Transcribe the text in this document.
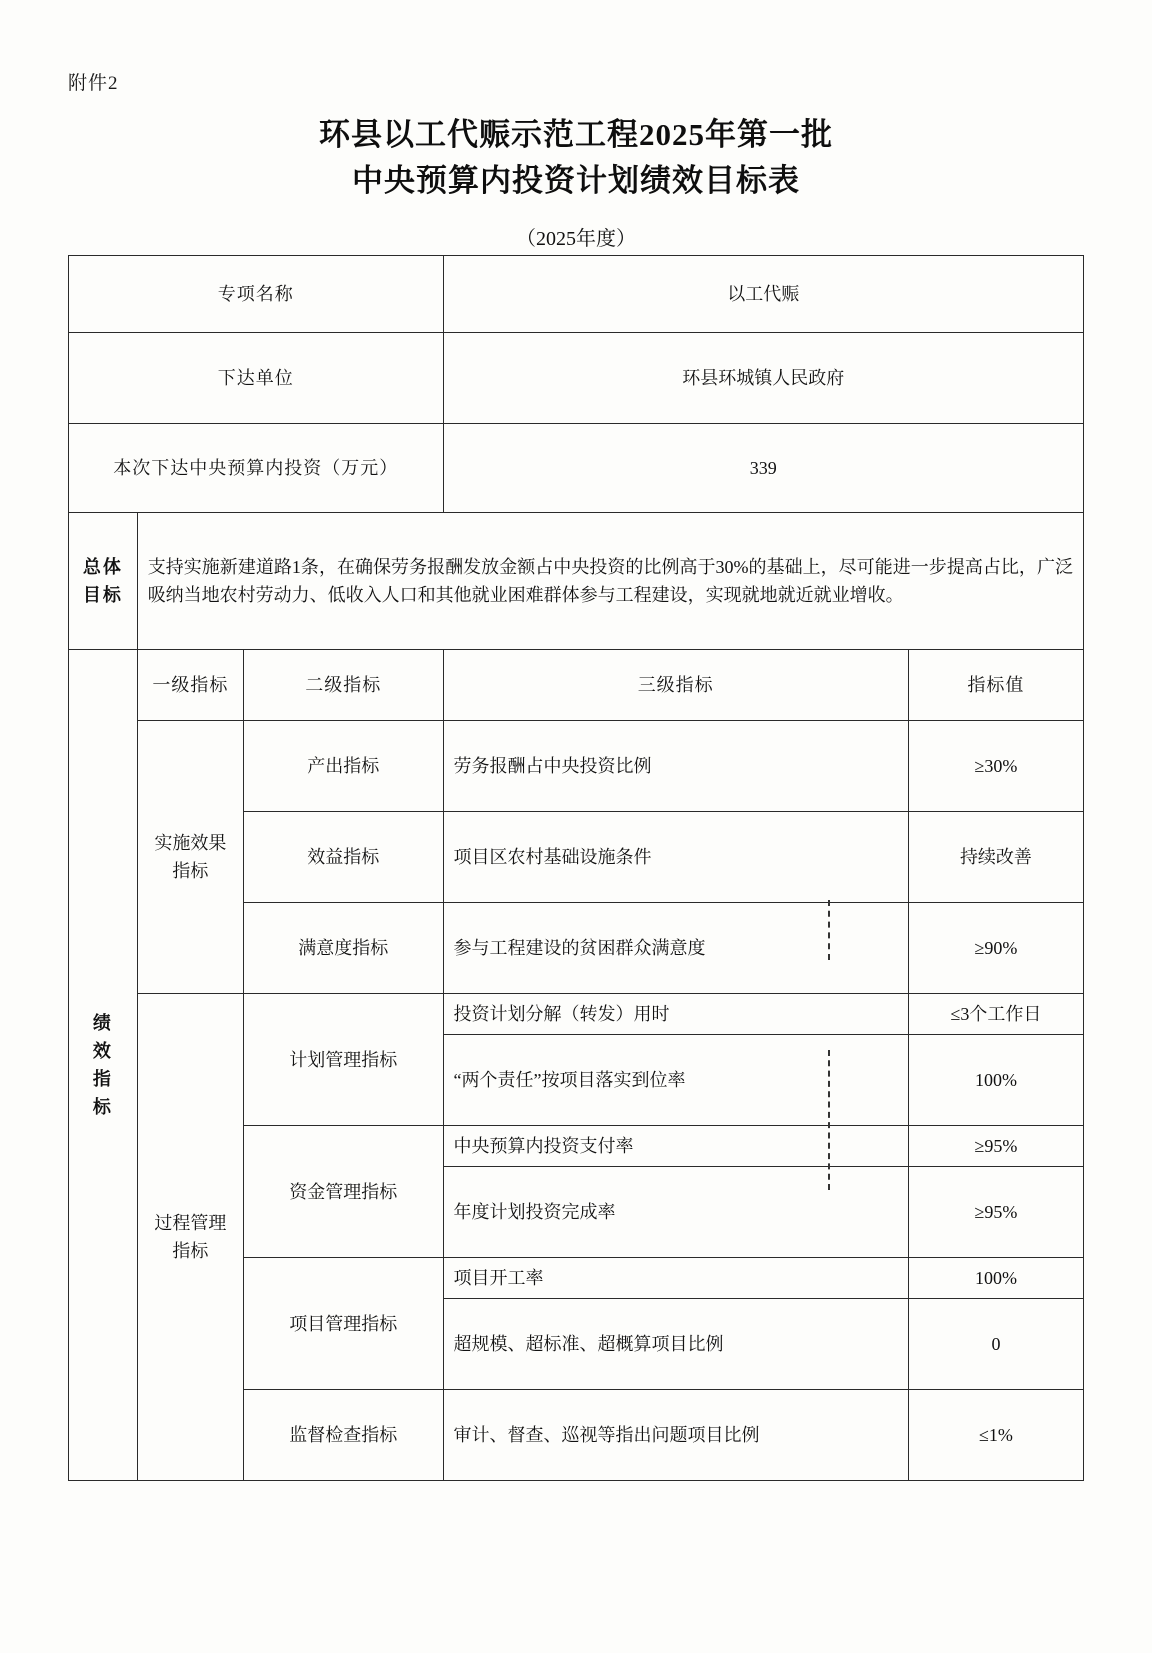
附件2
环县以工代赈示范工程2025年第一批
中央预算内投资计划绩效目标表
（2025年度）
专项名称			以工代赈	
下达单位			环县环城镇人民政府	
本次下达中央预算内投资（万元）			339	

总体
目标	支持实施新建道路1条，在确保劳务报酬发放金额占中央投资的比例高于30%的基础上，尽可能进一步提高占比，广泛吸纳当地农村劳动力、低收入人口和其他就业困难群体参与工程建设，实现就地就近就业增收。			

绩
效
指
标	一级指标	二级指标	三级指标	指标值
	实施效果指标	产出指标	劳务报酬占中央投资比例	≥30%
		效益指标	项目区农村基础设施条件	持续改善
		满意度指标	参与工程建设的贫困群众满意度	≥90%
	过程管理指标	计划管理指标	投资计划分解（转发）用时	≤3个工作日
			“两个责任”按项目落实到位率	100%
		资金管理指标	中央预算内投资支付率	≥95%
			年度计划投资完成率	≥95%
		项目管理指标	项目开工率	100%
			超规模、超标准、超概算项目比例	0
		监督检查指标	审计、督查、巡视等指出问题项目比例	≤1%
